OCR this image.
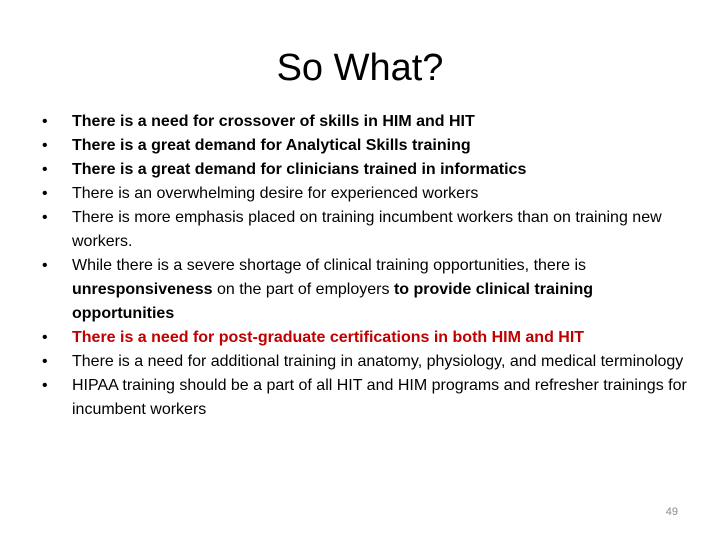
So What?
• There is a need for crossover of skills in HIM and HIT
• There is a great demand for Analytical Skills training
• There is a great demand for clinicians trained in informatics
• There is an overwhelming desire for experienced workers
• There is more emphasis placed on training incumbent workers than on training new workers.
• While there is a severe shortage of clinical training opportunities, there is unresponsiveness on the part of employers to provide clinical training opportunities
• There is a need for post-graduate certifications in both HIM and HIT
• There is a need for additional training in anatomy, physiology, and medical terminology
• HIPAA training should be a part of all HIT and HIM programs and refresher trainings for incumbent workers
49
